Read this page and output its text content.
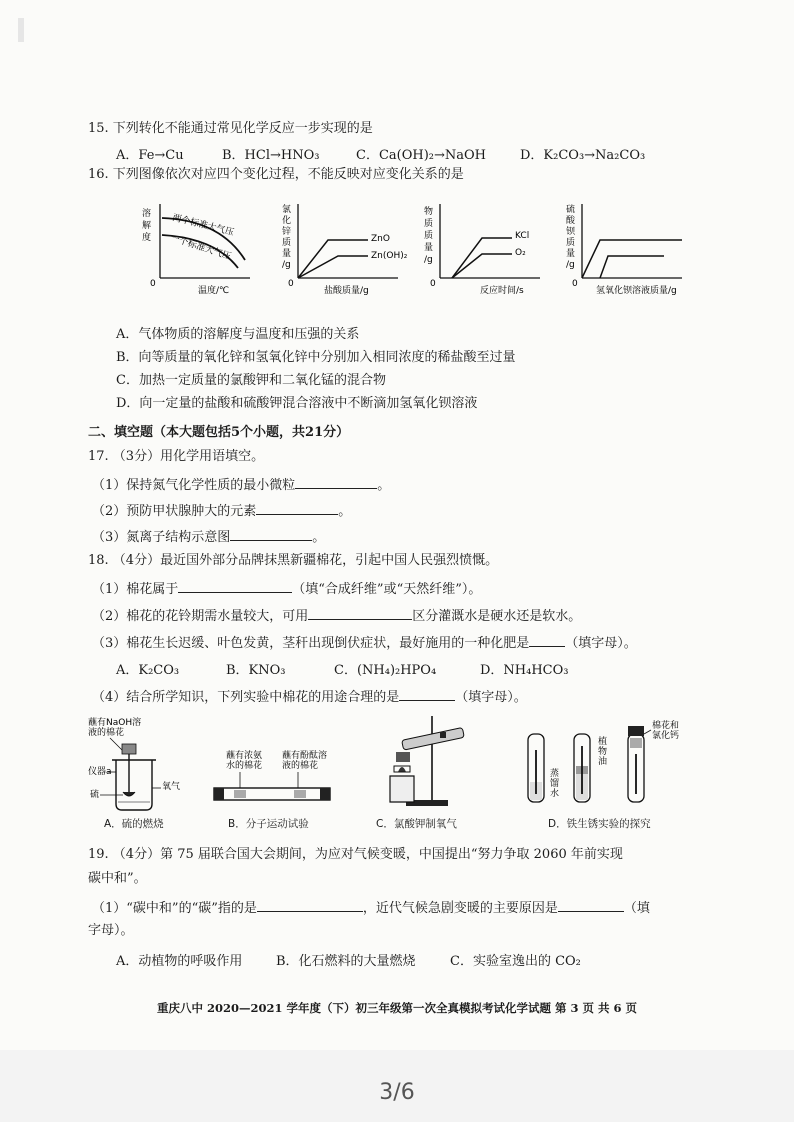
15. 下列转化不能通过常见化学反应一步实现的是
A．Fe→Cu	B．HCl→HNO₃	C．Ca(OH)₂→NaOH	D．K₂CO₃→Na₂CO₃
16. 下列图像依次对应四个变化过程，不能反映对应变化关系的是
溶
解
度 两个标准大气压
一个标准大气压
0
温度/℃
氯
化
锌
质
量
/g
ZnO
Zn(OH)₂
0
盐酸质量/g
物
质
质
量
/g
KCl
O₂
0
反应时间/s
硫
酸
钡
质
量
/g
0
氢氧化钡溶液质量/g
A．气体物质的溶解度与温度和压强的关系
B．向等质量的氧化锌和氢氧化锌中分别加入相同浓度的稀盐酸至过量
C．加热一定质量的氯酸钾和二氧化锰的混合物
D．向一定量的盐酸和硫酸钾混合溶液中不断滴加氢氧化钡溶液
二、填空题（本大题包括5个小题，共21分）
17. （3分）用化学用语填空。
（1）保持氮气化学性质的最小微粒	。
（2）预防甲状腺肿大的元素	。
（3）氮离子结构示意图	。
18. （4分）最近国外部分品牌抹黑新疆棉花，引起中国人民强烈愤慨。
（1）棉花属于	（填“合成纤维”或“天然纤维”）。
（2）棉花的花铃期需水量较大，可用	区分灌溉水是硬水还是软水。
（3）棉花生长迟缓、叶色发黄，茎秆出现倒伏症状，最好施用的一种化肥是	（填字母）。
A．K₂CO₃	B．KNO₃	C．(NH₄)₂HPO₄	D．NH₄HCO₃
（4）结合所学知识，下列实验中棉花的用途合理的是	（填字母）。
蘸有NaOH溶
液的棉花
仪器a
硫
氧气
A．硫的燃烧
蘸有浓氨
水的棉花
蘸有酚酞溶
液的棉花
B．分子运动试验	C．氯酸钾制氧气
蒸
馏
水
植
物
油
棉花和
氯化钙
D．铁生锈实验的探究
19. （4分）第 75 届联合国大会期间，为应对气候变暖，中国提出“努力争取 2060 年前实现
碳中和”。
（1）“碳中和”的“碳”指的是	，近代气候急剧变暖的主要原因是	（填
字母）。
A．动植物的呼吸作用	B．化石燃料的大量燃烧	C．实验室逸出的 CO₂
重庆八中 2020—2021 学年度（下）初三年级第一次全真模拟考试化学试题 第 3 页 共 6 页
3/6
